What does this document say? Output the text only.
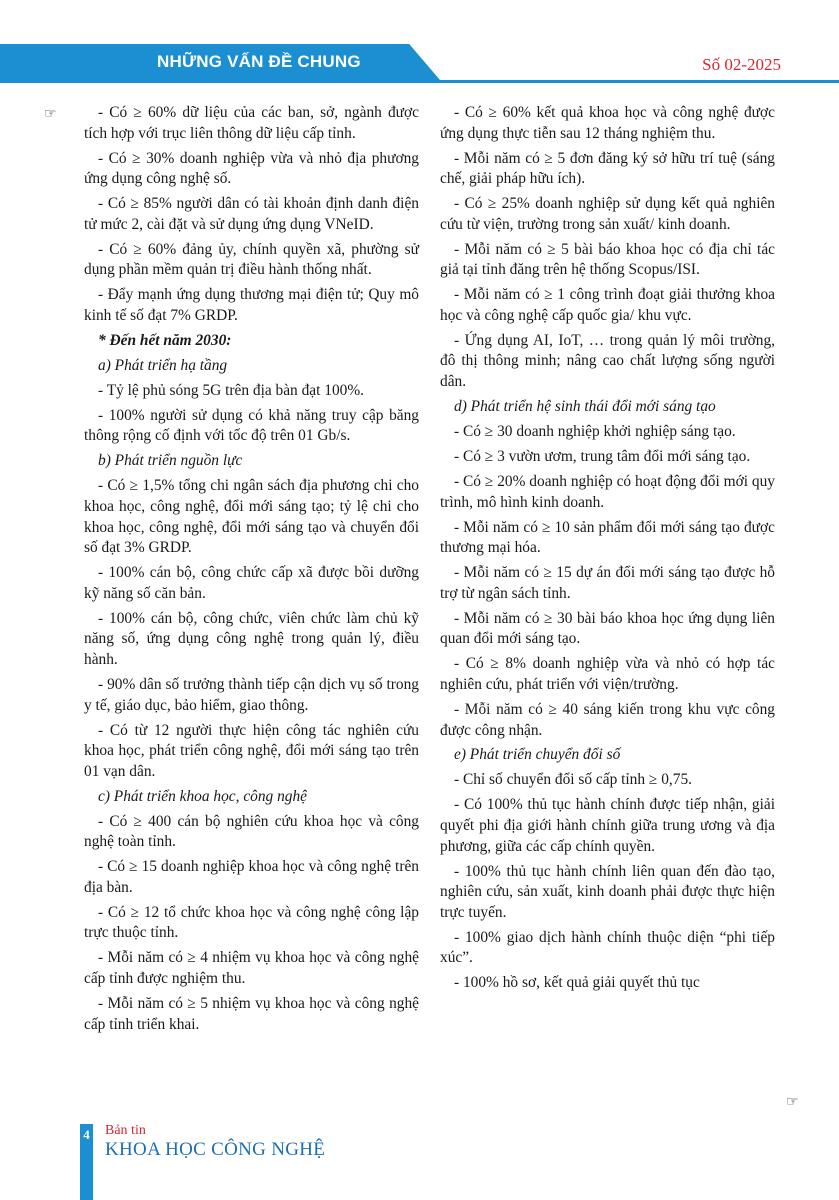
NHỮNG VẤN ĐỀ CHUNG	Số 02-2025
☞
☞

- Có ≥ 60% dữ liệu của các ban, sở, ngành được tích hợp với trục liên thông dữ liệu cấp tỉnh.

- Có ≥ 30% doanh nghiệp vừa và nhỏ địa phương ứng dụng công nghệ số.

- Có ≥ 85% người dân có tài khoản định danh điện tử mức 2, cài đặt và sử dụng ứng dụng VNeID.

- Có ≥ 60% đảng ủy, chính quyền xã, phường sử dụng phần mềm quản trị điều hành thống nhất.

- Đẩy mạnh ứng dụng thương mại điện tử; Quy mô kinh tế số đạt 7% GRDP.

* Đến hết năm 2030:

a) Phát triển hạ tầng

- Tỷ lệ phủ sóng 5G trên địa bàn đạt 100%.

- 100% người sử dụng có khả năng truy cập băng thông rộng cố định với tốc độ trên 01 Gb/s.

b) Phát triển nguồn lực

- Có ≥ 1,5% tổng chi ngân sách địa phương chi cho khoa học, công nghệ, đổi mới sáng tạo; tỷ lệ chi cho khoa học, công nghệ, đổi mới sáng tạo và chuyển đổi số đạt 3% GRDP.

- 100% cán bộ, công chức cấp xã được bồi dưỡng kỹ năng số căn bản.

- 100% cán bộ, công chức, viên chức làm chủ kỹ năng số, ứng dụng công nghệ trong quản lý, điều hành.

- 90% dân số trưởng thành tiếp cận dịch vụ số trong y tế, giáo dục, bảo hiểm, giao thông.

- Có từ 12 người thực hiện công tác nghiên cứu khoa học, phát triển công nghệ, đổi mới sáng tạo trên 01 vạn dân.

c) Phát triển khoa học, công nghệ

- Có ≥ 400 cán bộ nghiên cứu khoa học và công nghệ toàn tỉnh.

- Có ≥ 15 doanh nghiệp khoa học và công nghệ trên địa bàn.

- Có ≥ 12 tổ chức khoa học và công nghệ công lập trực thuộc tỉnh.

- Mỗi năm có ≥ 4 nhiệm vụ khoa học và công nghệ cấp tỉnh được nghiệm thu.

- Mỗi năm có ≥ 5 nhiệm vụ khoa học và công nghệ cấp tỉnh triển khai.

- Có ≥ 60% kết quả khoa học và công nghệ được ứng dụng thực tiễn sau 12 tháng nghiệm thu.

- Mỗi năm có ≥ 5 đơn đăng ký sở hữu trí tuệ (sáng chế, giải pháp hữu ích).

- Có ≥ 25% doanh nghiệp sử dụng kết quả nghiên cứu từ viện, trường trong sản xuất/ kinh doanh.

- Mỗi năm có ≥ 5 bài báo khoa học có địa chỉ tác giả tại tỉnh đăng trên hệ thống Scopus/ISI.

- Mỗi năm có ≥ 1 công trình đoạt giải thưởng khoa học và công nghệ cấp quốc gia/ khu vực.

- Ứng dụng AI, IoT, … trong quản lý môi trường, đô thị thông minh; nâng cao chất lượng sống người dân.

d) Phát triển hệ sinh thái đổi mới sáng tạo

- Có ≥ 30 doanh nghiệp khởi nghiệp sáng tạo.

- Có ≥ 3 vườn ươm, trung tâm đổi mới sáng tạo.

- Có ≥ 20% doanh nghiệp có hoạt động đổi mới quy trình, mô hình kinh doanh.

- Mỗi năm có ≥ 10 sản phẩm đổi mới sáng tạo được thương mại hóa.

- Mỗi năm có ≥ 15 dự án đổi mới sáng tạo được hỗ trợ từ ngân sách tỉnh.

- Mỗi năm có ≥ 30 bài báo khoa học ứng dụng liên quan đổi mới sáng tạo.

- Có ≥ 8% doanh nghiệp vừa và nhỏ có hợp tác nghiên cứu, phát triển với viện/trường.

- Mỗi năm có ≥ 40 sáng kiến trong khu vực công được công nhận.

e) Phát triển chuyển đổi số

- Chỉ số chuyển đổi số cấp tỉnh ≥ 0,75.

- Có 100% thủ tục hành chính được tiếp nhận, giải quyết phi địa giới hành chính giữa trung ương và địa phương, giữa các cấp chính quyền.

- 100% thủ tục hành chính liên quan đến đào tạo, nghiên cứu, sản xuất, kinh doanh phải được thực hiện trực tuyến.

- 100% giao dịch hành chính thuộc diện “phi tiếp xúc”.

- 100% hồ sơ, kết quả giải quyết thủ tục

4 Bản tin
KHOA HỌC CÔNG NGHỆ
